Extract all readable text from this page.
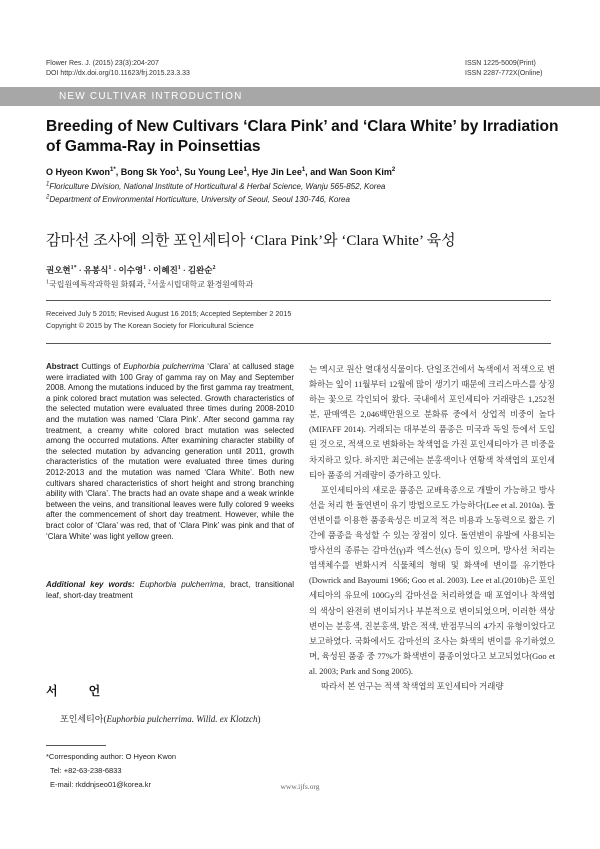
Flower Res. J. (2015) 23(3):204-207
DOI http://dx.doi.org/10.11623/frj.2015.23.3.33
ISSN 1225-5009(Print)
ISSN 2287-772X(Online)
NEW CULTIVAR INTRODUCTION
Breeding of New Cultivars ‘Clara Pink’ and ‘Clara White’ by Irradiation of Gamma-Ray in Poinsettias
O Hyeon Kwon$^{1*}$, Bong Sk Yoo$^1$, Su Young Lee$^1$, Hye Jin Lee$^1$, and Wan Soon Kim$^2$
$^1$Floriculture Division, National Institute of Horticultural & Herbal Science, Wanju 565-852, Korea
$^2$Department of Environmental Horticulture, University of Seoul, Seoul 130-746, Korea
감마선 조사에 의한 포인세티아 ‘Clara Pink’와 ‘Clara White’ 육성
권오현$^{1*}$ · 유봉식$^1$ · 이수영$^1$ · 이혜진$^1$ · 김완순$^2$
$^1$국립원예특작과학원 화훼과, $^2$서울시립대학교 환경원예학과
Received July 5 2015; Revised August 16 2015; Accepted September 2 2015
Copyright © 2015 by The Korean Society for Floricultural Science
Abstract Cuttings of Euphorbia pulcherrima ‘Clara’ at callused stage were irradiated with 100 Gray of gamma ray on May and September 2008. Among the mutations induced by the first gamma ray treatment, a pink colored bract mutation was selected. Growth characteristics of the selected mutation were evaluated three times during 2008-2010 and the mutation was named ‘Clara Pink’. After second gamma ray treatment, a creamy white colored bract mutation was selected among the occurred mutations. After examining character stability of the selected mutation by advancing generation until 2011, growth characteristics of the mutation were evaluated three times during 2012-2013 and the mutation was named ‘Clara White’. Both new cultivars shared characteristics of short height and strong branching ability with ‘Clara’. The bracts had an ovate shape and a weak wrinkle between the veins, and transitional leaves were fully colored 9 weeks after the commencement of short day treatment. However, while the bract color of ‘Clara’ was red, that of ‘Clara Pink’ was pink and that of ‘Clara White’ was light yellow green.
Additional key words: Euphorbia pulcherrima, bract, transitional leaf, short-day treatment
서 언
포인세티아(Euphorbia pulcherrima. Willd. ex Klotzch)
*Corresponding author: O Hyeon Kwon
Tel: +82-63-238-6833
E-mail: rkddnjseo01@korea.kr

는 멕시코 원산 열대성식물이다. 단일조건에서 녹색에서 적색으로 변화하는 잎이 11월부터 12월에 많이 생기기 때문에 크리스마스를 상징하는 꽃으로 각인되어 왔다. 국내에서 포인세티아 거래량은 1,252천분, 판매액은 2,046백만원으로 분화류 중에서 상업적 비중이 높다(MIFAFF 2014). 거래되는 대부분의 품종은 미국과 독일 등에서 도입된 것으로, 적색으로 변화하는 착색엽을 가진 포인세티아가 큰 비중을 차지하고 있다. 하지만 최근에는 분홍색이나 연황색 착색엽의 포인세티아 품종의 거래량이 증가하고 있다.

포인세티아의 새로운 품종은 교배육종으로 개발이 가능하고 방사선을 처리 한 돌연변이 유기 방법으로도 가능하다(Lee et al. 2010a). 돌연변이를 이용한 품종육성은 비교적 적은 비용과 노동력으로 짧은 기간에 품종을 육성할 수 있는 장점이 있다. 돌연변이 유발에 사용되는 방사선의 종류는 감마선(γ)과 엑스선(x) 등이 있으며, 방사선 처리는 염색체수를 변화시켜 식물체의 형태 및 화색에 변이를 유기한다(Dowrick and Bayoumi 1966; Goo et al. 2003). Lee et al.(2010b)은 포인세티아의 유묘에 100Gy의 감마선을 처리하였을 때 포엽이나 착색엽의 색상이 완전히 변이되거나 부분적으로 변이되었으며, 이러한 색상 변이는 분홍색, 진분홍색, 밝은 적색, 반점무늬의 4가지 유형이었다고 보고하였다. 국화에서도 감마선의 조사는 화색의 변이를 유기하였으며, 육성된 품종 중 77%가 화색변이 품종이었다고 보고되었다(Goo et al. 2003; Park and Song 2005).

따라서 본 연구는 적색 착색엽의 포인세티아 거래량

www.ijfs.org
